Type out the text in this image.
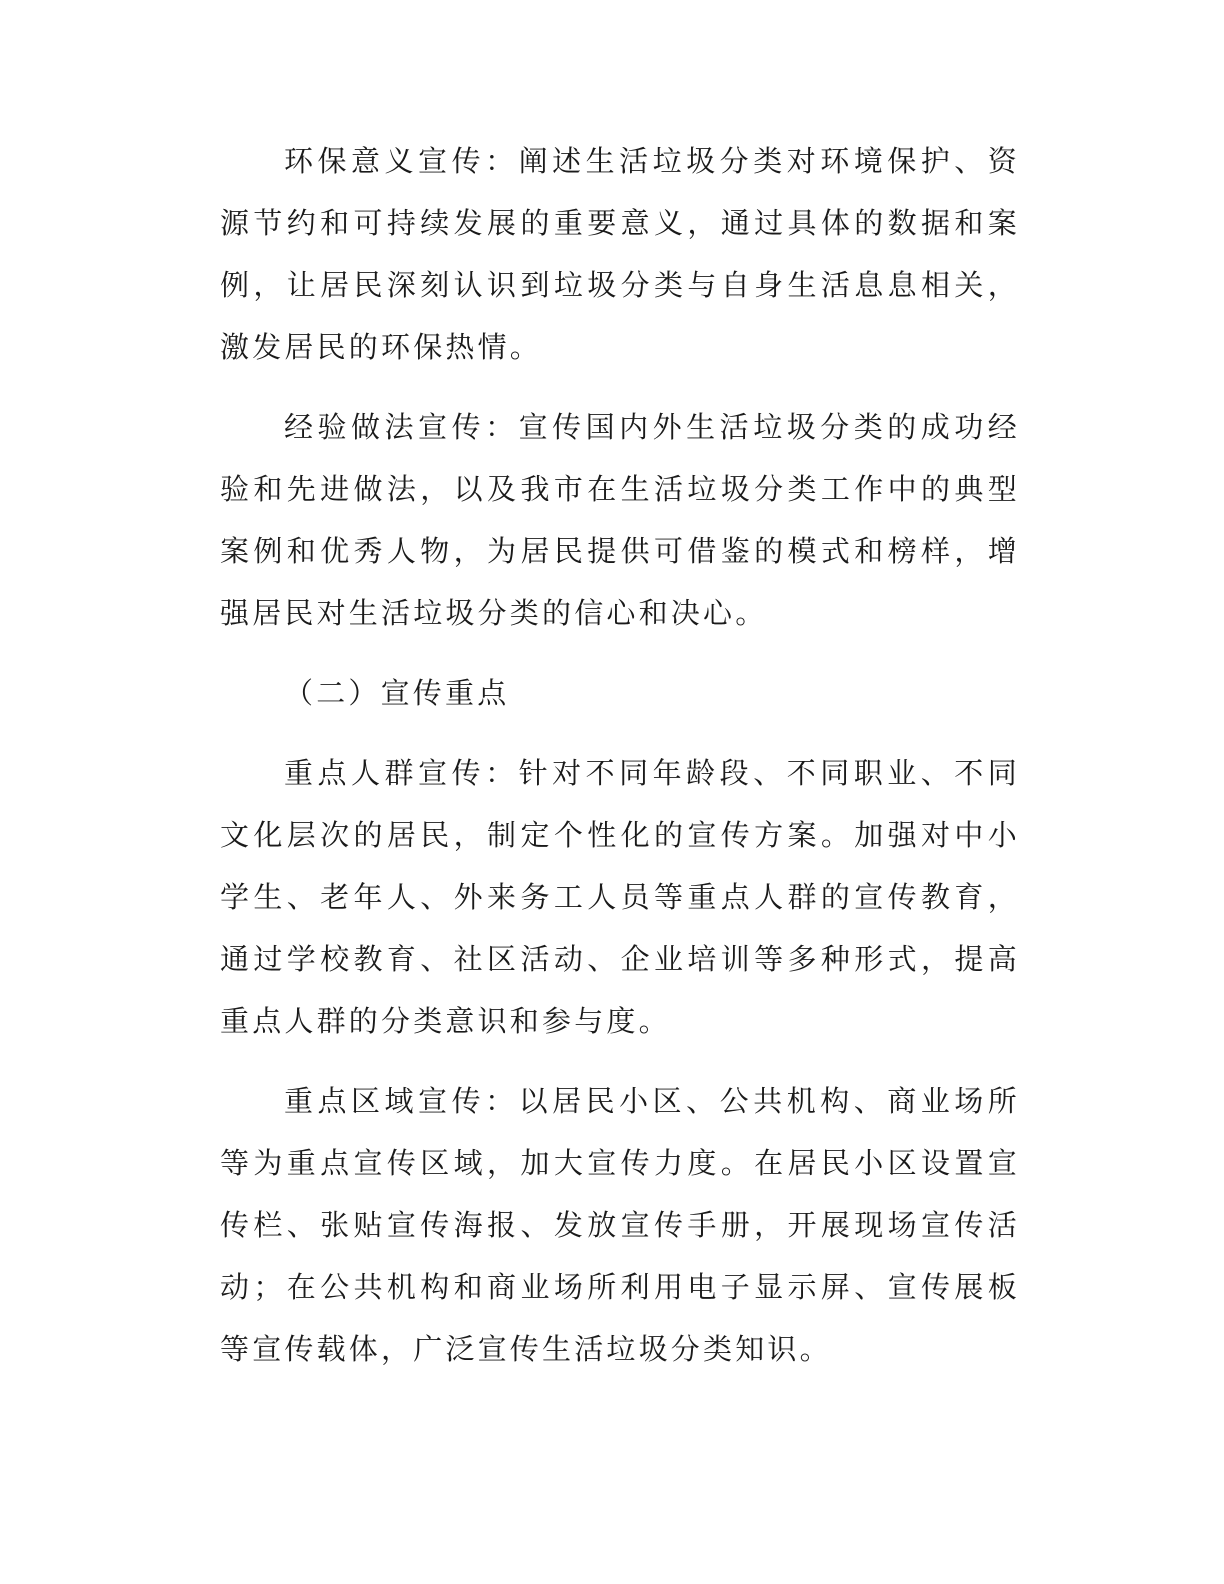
环保意义宣传：阐述生活垃圾分类对环境保护、资源节约和可持续发展的重要意义，通过具体的数据和案例，让居民深刻认识到垃圾分类与自身生活息息相关，激发居民的环保热情。

经验做法宣传：宣传国内外生活垃圾分类的成功经验和先进做法，以及我市在生活垃圾分类工作中的典型案例和优秀人物，为居民提供可借鉴的模式和榜样，增强居民对生活垃圾分类的信心和决心。

（二）宣传重点

重点人群宣传：针对不同年龄段、不同职业、不同文化层次的居民，制定个性化的宣传方案。加强对中小学生、老年人、外来务工人员等重点人群的宣传教育，通过学校教育、社区活动、企业培训等多种形式，提高重点人群的分类意识和参与度。

重点区域宣传：以居民小区、公共机构、商业场所等为重点宣传区域，加大宣传力度。在居民小区设置宣传栏、张贴宣传海报、发放宣传手册，开展现场宣传活动；在公共机构和商业场所利用电子显示屏、宣传展板等宣传载体，广泛宣传生活垃圾分类知识。
